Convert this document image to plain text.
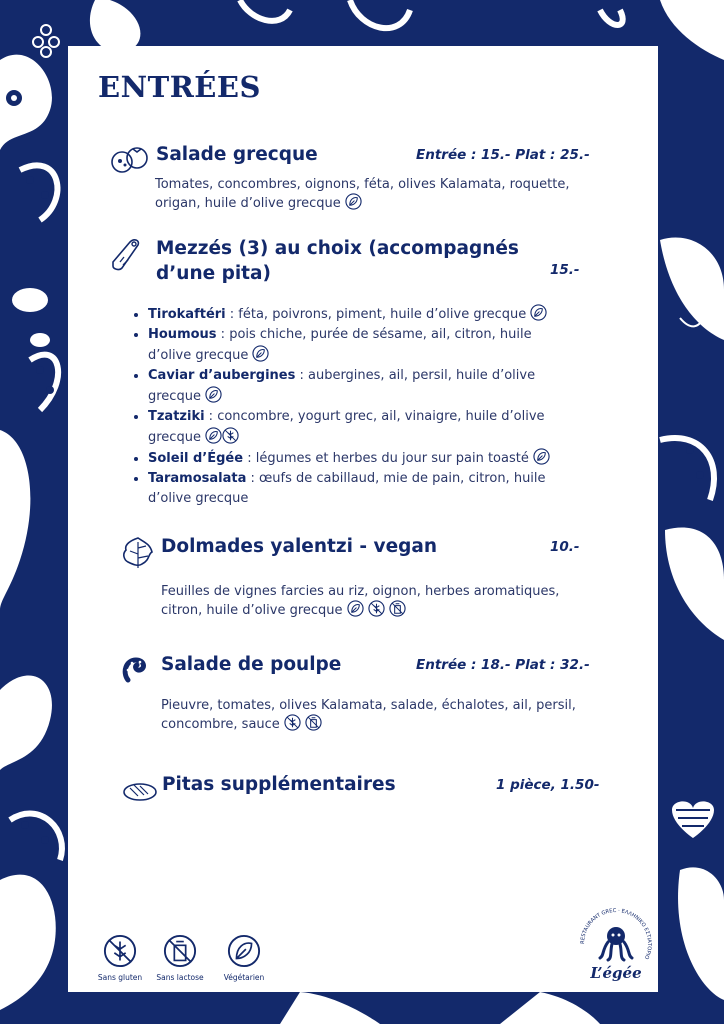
ENTRÉES
Salade grecque	Entrée : 15.- Plat : 25.-

Tomates, concombres, oignons, féta, olives Kalamata, roquette, origan, huile d’olive grecque

Mezzés (3) au choix (accompagnés
d’une pita)	15.-
• Tirokaftéri : féta, poivrons, piment, huile d’olive grecque
• Houmous : pois chiche, purée de sésame, ail, citron, huile d’olive grecque
• Caviar d’aubergines : aubergines, ail, persil, huile d’olive grecque
• Tzatziki : concombre, yogurt grec, ail, vinaigre, huile d’olive grecque
• Soleil d’Égée : légumes et herbes du jour sur pain toasté
• Taramosalata : œufs de cabillaud, mie de pain, citron, huile d’olive grecque
Dolmades yalentzi - vegan	10.-

Feuilles de vignes farcies au riz, oignon, herbes aromatiques, citron, huile d’olive grecque

Salade de poulpe	Entrée : 18.- Plat : 32.-

Pieuvre, tomates, olives Kalamata, salade, échalotes, ail, persil, concombre, sauce

Pitas supplémentaires	1 pièce, 1.50-
Sans gluten	Sans lactose	Végétarien
RESTAURANT GREC · ΕΛΛΗΝΙΚΟ ΕΣΤΙΑΤΟΡΙΟ
L’égée
